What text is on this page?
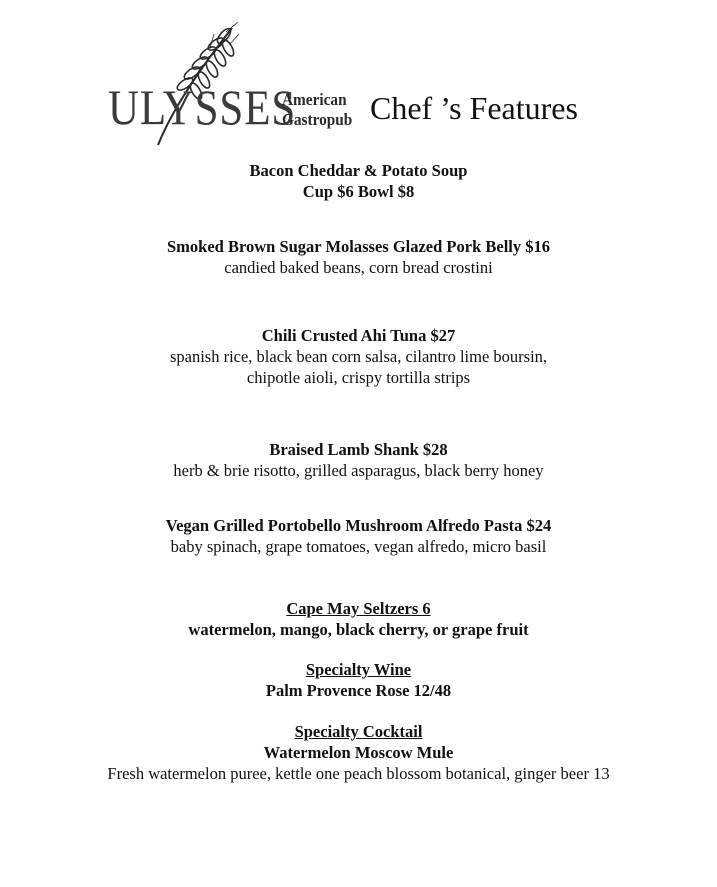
ULYSSES
American
Gastropub Chef ’s Features
Bacon Cheddar & Potato Soup
Cup $6 Bowl $8
Smoked Brown Sugar Molasses Glazed Pork Belly $16
candied baked beans, corn bread crostini
Chili Crusted Ahi Tuna $27
spanish rice, black bean corn salsa, cilantro lime boursin,
chipotle aioli, crispy tortilla strips
Braised Lamb Shank $28
herb & brie risotto, grilled asparagus, black berry honey
Vegan Grilled Portobello Mushroom Alfredo Pasta $24
baby spinach, grape tomatoes, vegan alfredo, micro basil
Cape May Seltzers 6
watermelon, mango, black cherry, or grape fruit
Specialty Wine
Palm Provence Rose 12/48
Specialty Cocktail
Watermelon Moscow Mule
Fresh watermelon puree, kettle one peach blossom botanical, ginger beer 13
